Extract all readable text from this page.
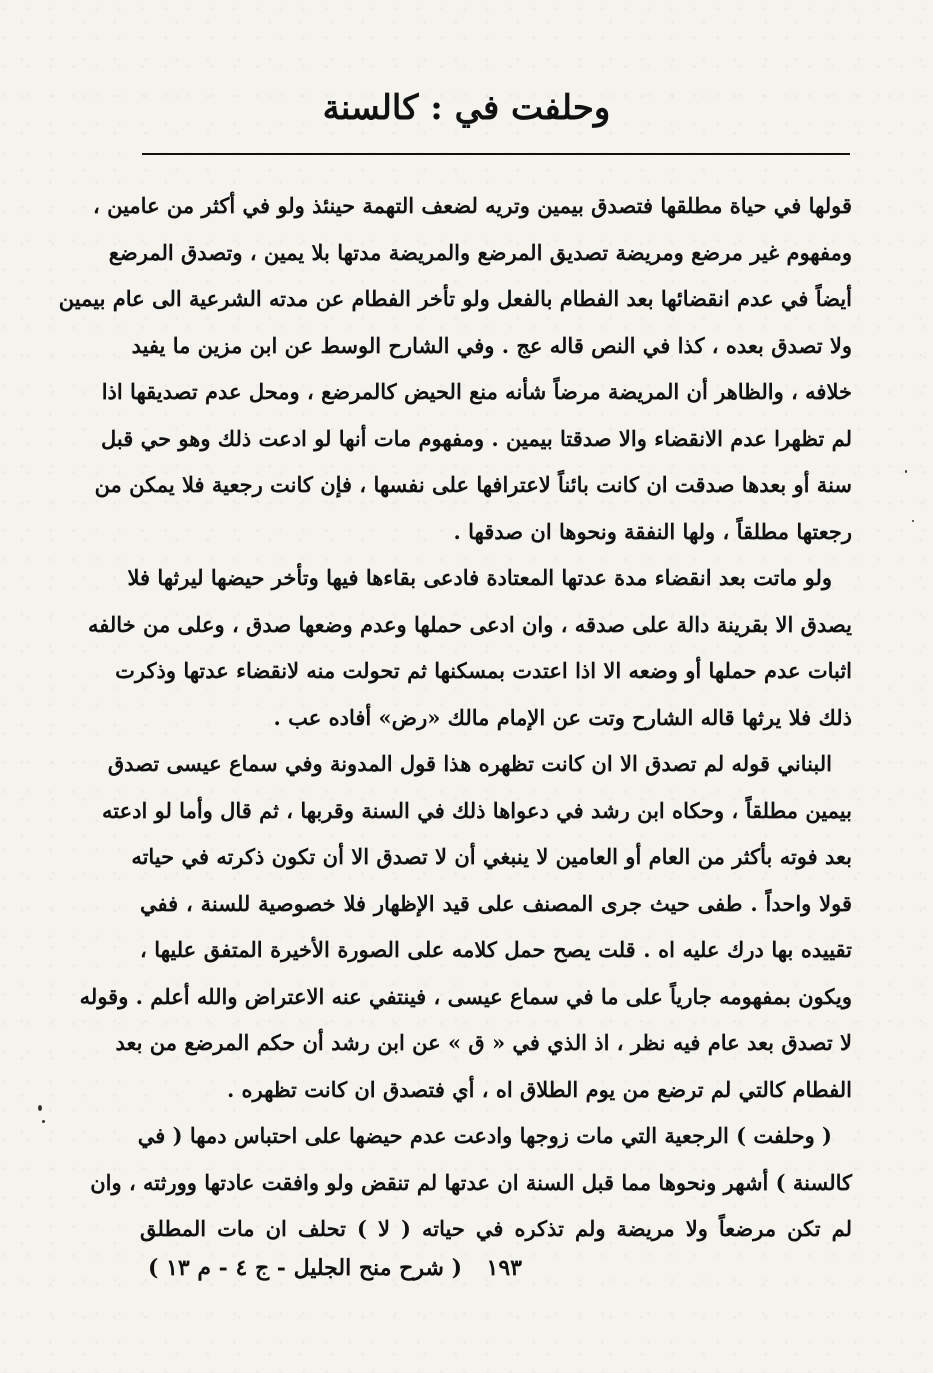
وحلفت في : كالسنة
قولها في حياة مطلقها فتصدق بيمين وتريه لضعف التهمة حينئذ ولو في أكثر من عامين ،
ومفهوم غير مرضع ومريضة تصديق المرضع والمريضة مدتها بلا يمين ، وتصدق المرضع
أيضاً في عدم انقضائها بعد الفطام بالفعل ولو تأخر الفطام عن مدته الشرعية الى عام بيمين
ولا تصدق بعده ، كذا في النص قاله عج . وفي الشارح الوسط عن ابن مزين ما يفيد
خلافه ، والظاهر أن المريضة مرضاً شأنه منع الحيض كالمرضع ، ومحل عدم تصديقها اذا
لم تظهرا عدم الانقضاء والا صدقتا بيمين . ومفهوم مات أنها لو ادعت ذلك وهو حي قبل
سنة أو بعدها صدقت ان كانت بائناً لاعترافها على نفسها ، فإن كانت رجعية فلا يمكن من
رجعتها مطلقاً ، ولها النفقة ونحوها ان صدقها .
ولو ماتت بعد انقضاء مدة عدتها المعتادة فادعى بقاءها فيها وتأخر حيضها ليرثها فلا
يصدق الا بقرينة دالة على صدقه ، وان ادعى حملها وعدم وضعها صدق ، وعلى من خالفه
اثبات عدم حملها أو وضعه الا اذا اعتدت بمسكنها ثم تحولت منه لانقضاء عدتها وذكرت
ذلك فلا يرثها قاله الشارح وتت عن الإمام مالك «رض» أفاده عب .
البناني قوله لم تصدق الا ان كانت تظهره هذا قول المدونة وفي سماع عيسى تصدق
بيمين مطلقاً ، وحكاه ابن رشد في دعواها ذلك في السنة وقربها ، ثم قال وأما لو ادعته
بعد فوته بأكثر من العام أو العامين لا ينبغي أن لا تصدق الا أن تكون ذكرته في حياته
قولا واحداً . طفى حيث جرى المصنف على قيد الإظهار فلا خصوصية للسنة ، ففي
تقييده بها درك عليه اه . قلت يصح حمل كلامه على الصورة الأخيرة المتفق عليها ،
ويكون بمفهومه جارياً على ما في سماع عيسى ، فينتفي عنه الاعتراض والله أعلم . وقوله
لا تصدق بعد عام فيه نظر ، اذ الذي في « ق » عن ابن رشد أن حكم المرضع من بعد
الفطام كالتي لم ترضع من يوم الطلاق اه ، أي فتصدق ان كانت تظهره .
( وحلفت ) الرجعية التي مات زوجها وادعت عدم حيضها على احتباس دمها ( في
كالسنة ) أشهر ونحوها مما قبل السنة ان عدتها لم تنقض ولو وافقت عادتها وورثته ، وان
لم تكن مرضعاً ولا مريضة ولم تذكره في حياته ( لا ) تحلف ان مات المطلق
١٩٣
( شرح منح الجليل - ج ٤ - م ١٣ )
